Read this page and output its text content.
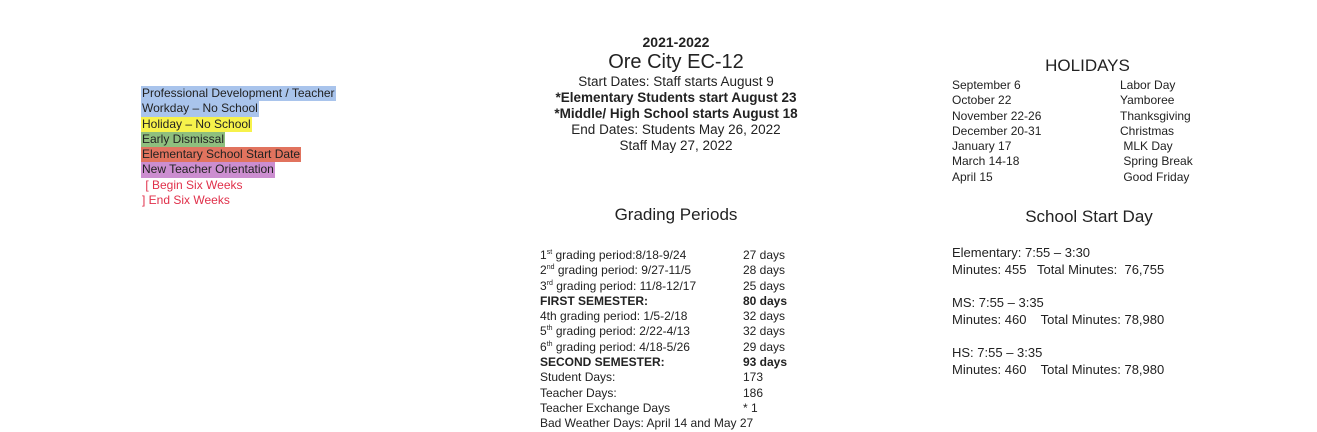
Professional Development / Teacher
Workday – No School
Holiday – No School
Early Dismissal
Elementary School Start Date
New Teacher Orientation
[ Begin Six Weeks
] End Six Weeks
2021-2022
Ore City EC-12
Start Dates: Staff starts August 9
*Elementary Students start August 23
*Middle/ High School starts August 18
End Dates: Students May 26, 2022
Staff May 27, 2022
Grading Periods
1st grading period:8/18-9/24	27 days
2nd grading period: 9/27-11/5	28 days
3rd grading period: 11/8-12/17	25 days
FIRST SEMESTER:	80 days
4th grading period: 1/5-2/18	32 days
5th grading period: 2/22-4/13	32 days
6th grading period: 4/18-5/26	29 days
SECOND SEMESTER:	93 days
Student Days:	173
Teacher Days:	186
Teacher Exchange Days	* 1
Bad Weather Days: April 14 and May 27
HOLIDAYS
September 6	Labor Day
October 22	Yamboree
November 22-26	Thanksgiving
December 20-31	Christmas
January 17	MLK Day
March 14-18	Spring Break
April 15	Good Friday
School Start Day
Elementary: 7:55 – 3:30
Minutes: 455   Total Minutes:  76,755
MS: 7:55 – 3:35
Minutes: 460    Total Minutes: 78,980
HS: 7:55 – 3:35
Minutes: 460    Total Minutes: 78,980
